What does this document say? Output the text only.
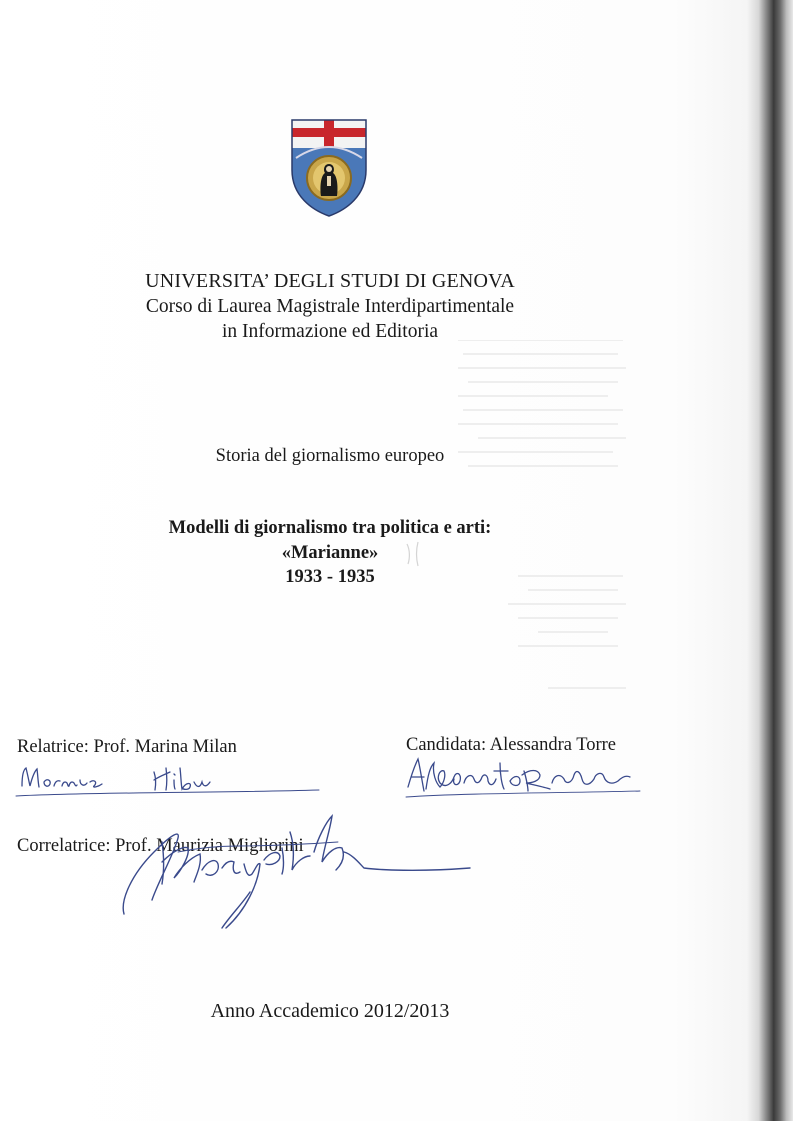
UNIVERSITA’ DEGLI STUDI DI GENOVA
Corso di Laurea Magistrale Interdipartimentale
in Informazione ed Editoria
Storia del giornalismo europeo
Modelli di giornalismo tra politica e arti:
«Marianne»
1933 - 1935
Relatrice: Prof. Marina Milan	Candidata: Alessandra Torre
Correlatrice: Prof. Maurizia Migliorini
Anno Accademico 2012/2013
